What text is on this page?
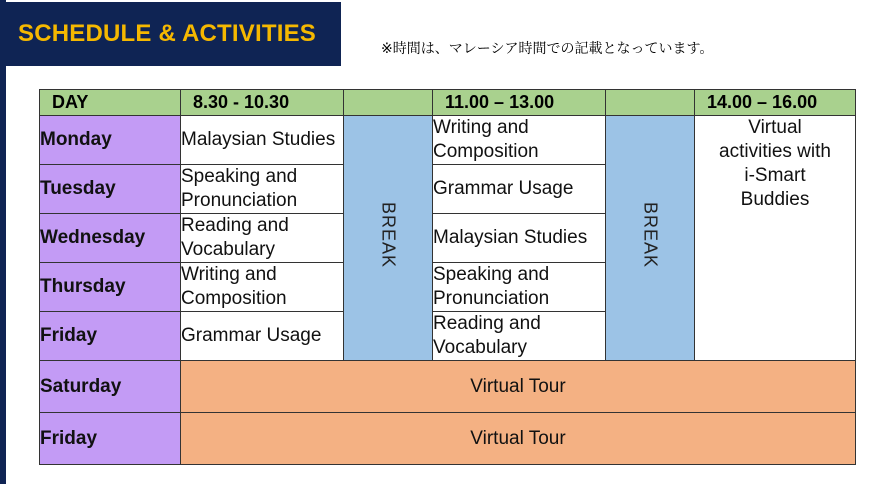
SCHEDULE & ACTIVITIES
※時間は、マレーシア時間での記載となっています。
DAY	8.30 - 10.30		11.00 – 13.00		14.00 – 16.00
Monday	Malaysian Studies	BREAK	Writing and Composition	BREAK	Virtual
activities with
i-Smart
Buddies
Tuesday	Speaking and Pronunciation		Grammar Usage		
Wednesday	Reading and Vocabulary		Malaysian Studies		
Thursday	Writing and Composition		Speaking and Pronunciation		
Friday	Grammar Usage		Reading and Vocabulary		
Saturday	Virtual Tour				
Friday	Virtual Tour				
